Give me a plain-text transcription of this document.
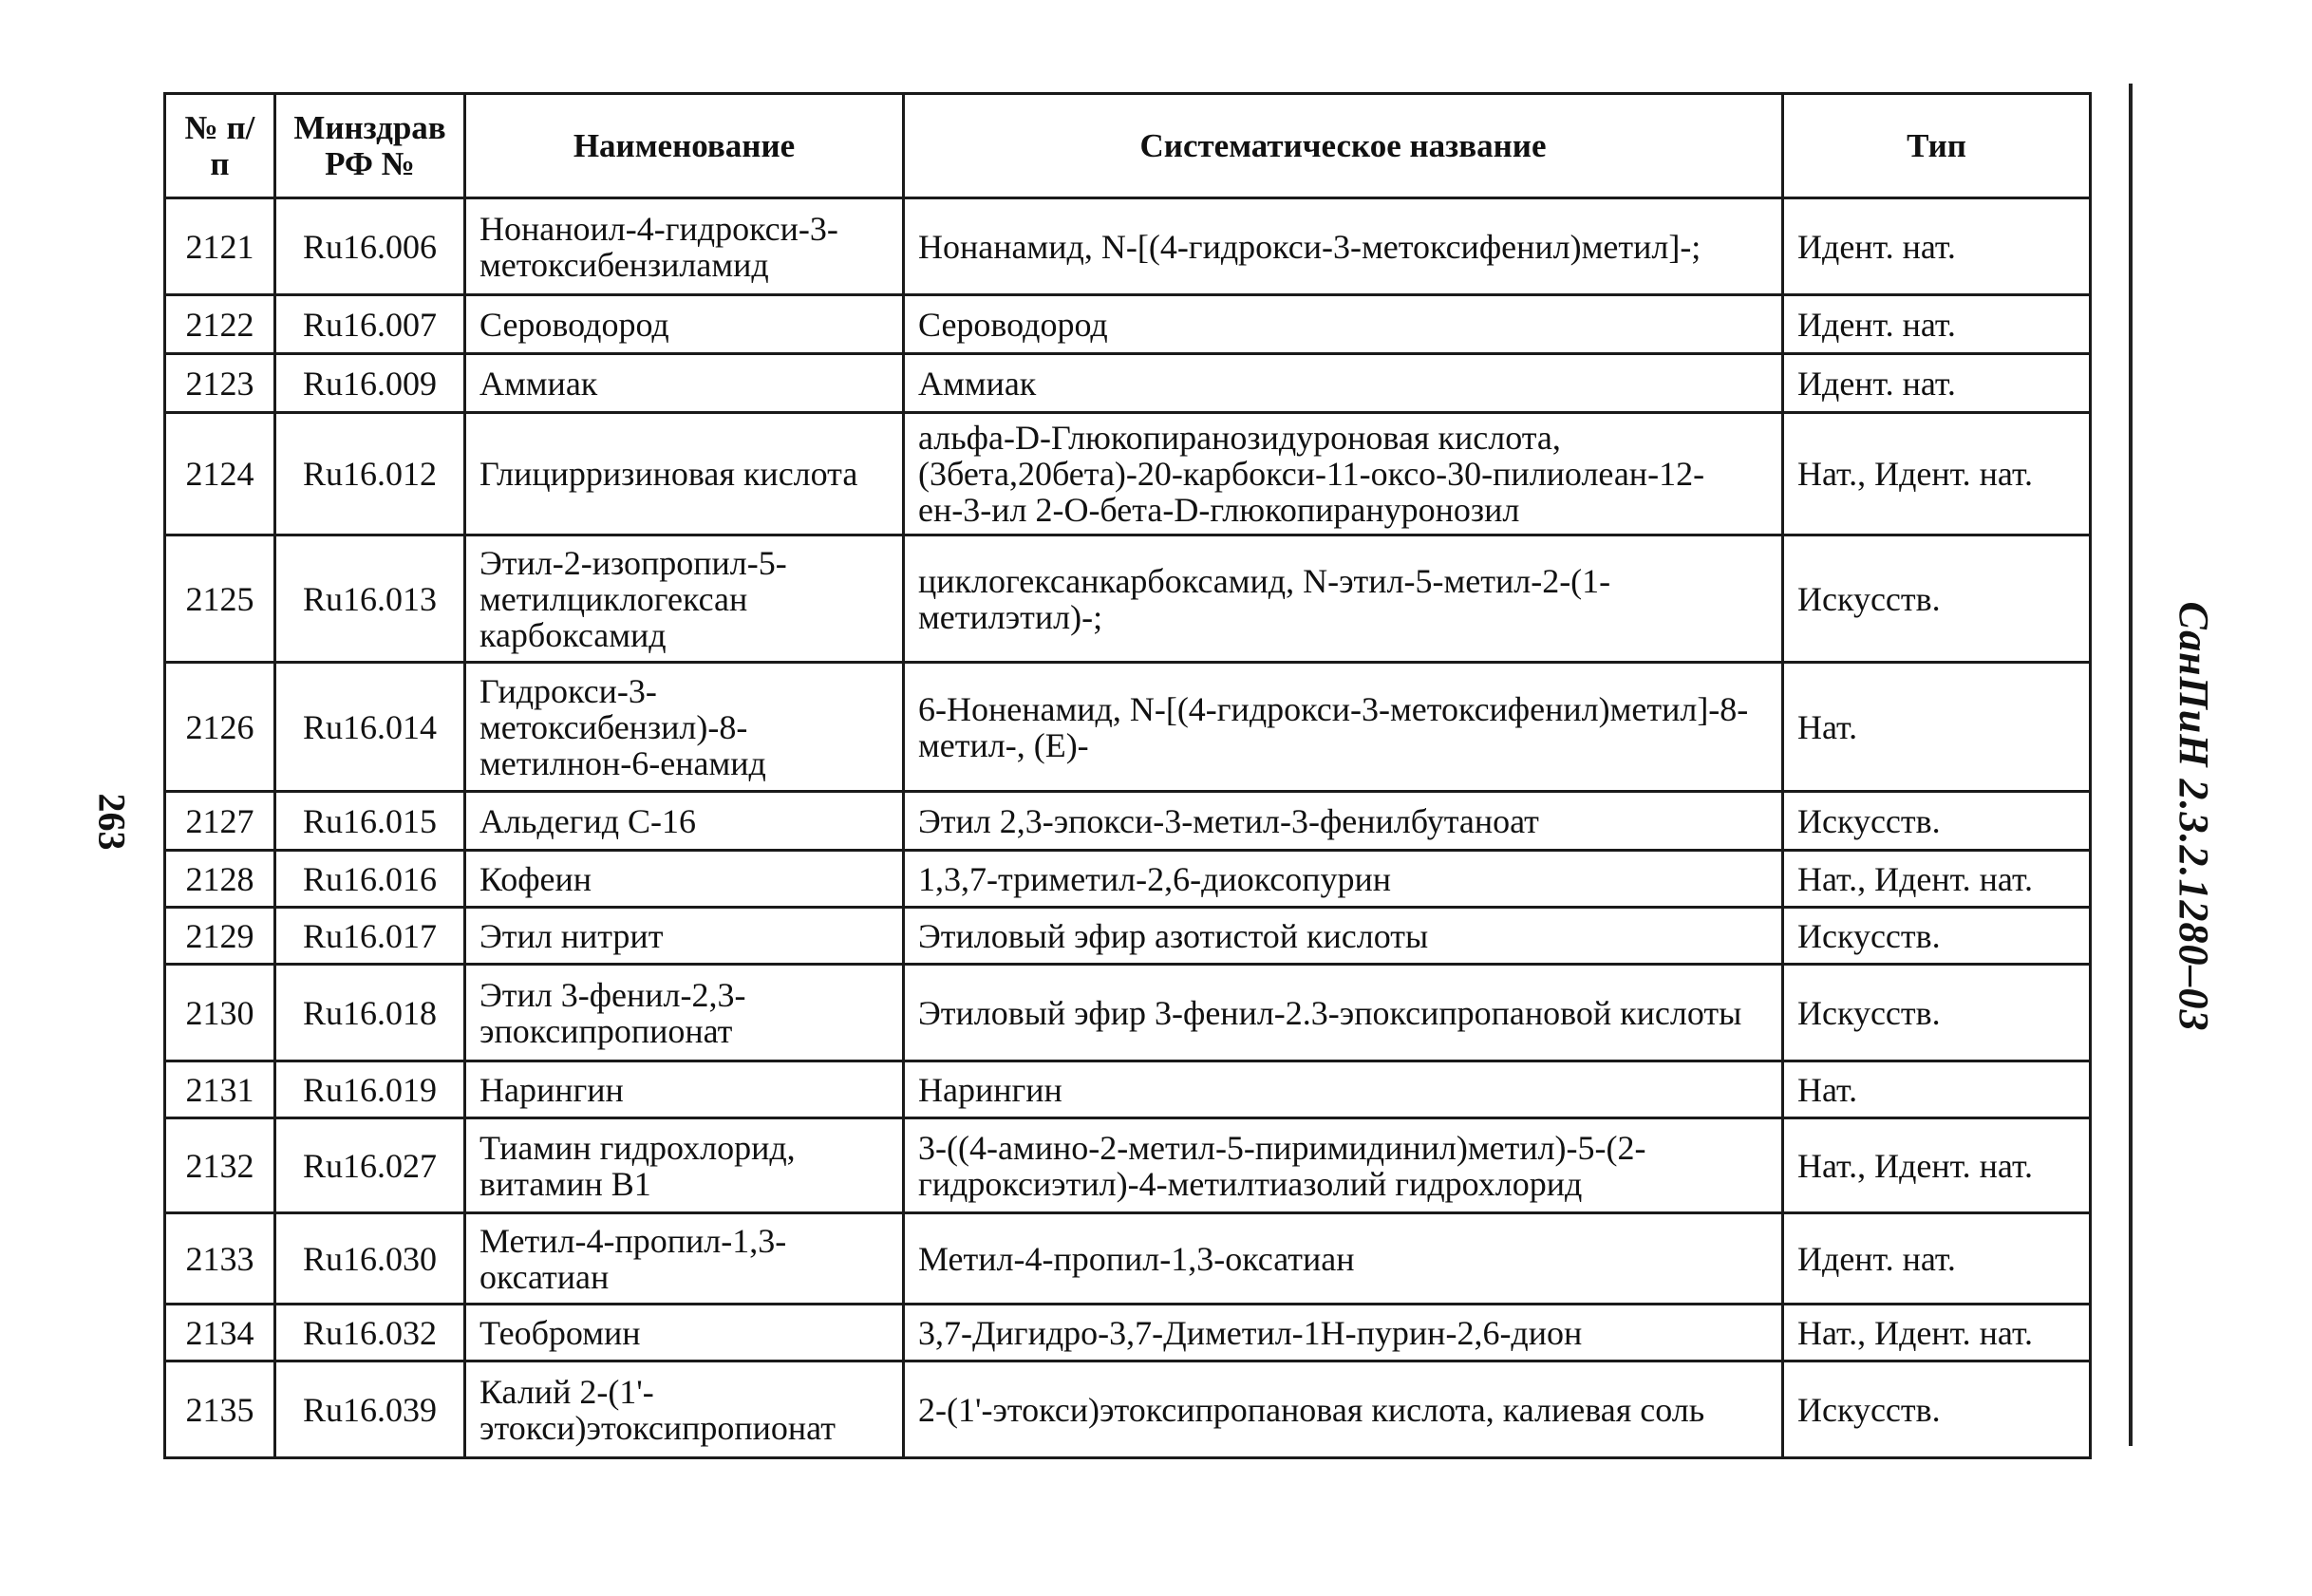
263	СанПиН 2.3.2.1280–03
№ п/п	Минздрав РФ №	Наименование	Систематическое название	Тип
2121	Ru16.006	Нонаноил-4-гидрокси-3-метоксибензиламид	Нонанамид, N-[(4-гидрокси-3-метоксифенил)метил]-;	Идент. нат.
2122	Ru16.007	Сероводород	Сероводород	Идент. нат.
2123	Ru16.009	Аммиак	Аммиак	Идент. нат.
2124	Ru16.012	Глицирризиновая кислота	альфа-D-Глюкопиранозидуроновая кислота, (3бета,20бета)-20-карбокси-11-оксо-30-пилиолеан-12-ен-3-ил 2-O-бета-D-глюкопирануронозил	Нат., Идент. нат.
2125	Ru16.013	Этил-2-изопропил-5-метилциклогексан карбоксамид	циклогексанкарбоксамид, N-этил-5-метил-2-(1-метилэтил)-;	Искусств.
2126	Ru16.014	Гидрокси-3-метоксибензил)-8-метилнон-6-енамид	6-Ноненамид, N-[(4-гидрокси-3-метоксифенил)метил]-8-метил-, (E)-	Нат.
2127	Ru16.015	Альдегид С-16	Этил 2,3-эпокси-3-метил-3-фенилбутаноат	Искусств.
2128	Ru16.016	Кофеин	1,3,7-триметил-2,6-диоксопурин	Нат., Идент. нат.
2129	Ru16.017	Этил нитрит	Этиловый эфир азотистой кислоты	Искусств.
2130	Ru16.018	Этил 3-фенил-2,3-эпоксипропионат	Этиловый эфир 3-фенил-2.3-эпоксипропановой кислоты	Искусств.
2131	Ru16.019	Нарингин	Нарингин	Нат.
2132	Ru16.027	Тиамин гидрохлорид, витамин B1	3-((4-амино-2-метил-5-пиримидинил)метил)-5-(2-гидроксиэтил)-4-метилтиазолий гидрохлорид	Нат., Идент. нат.
2133	Ru16.030	Метил-4-пропил-1,3-оксатиан	Метил-4-пропил-1,3-оксатиан	Идент. нат.
2134	Ru16.032	Теобромин	3,7-Дигидро-3,7-Диметил-1H-пурин-2,6-дион	Нат., Идент. нат.
2135	Ru16.039	Калий 2-(1'-этокси)этоксипропионат	2-(1'-этокси)этоксипропановая кислота, калиевая соль	Искусств.
